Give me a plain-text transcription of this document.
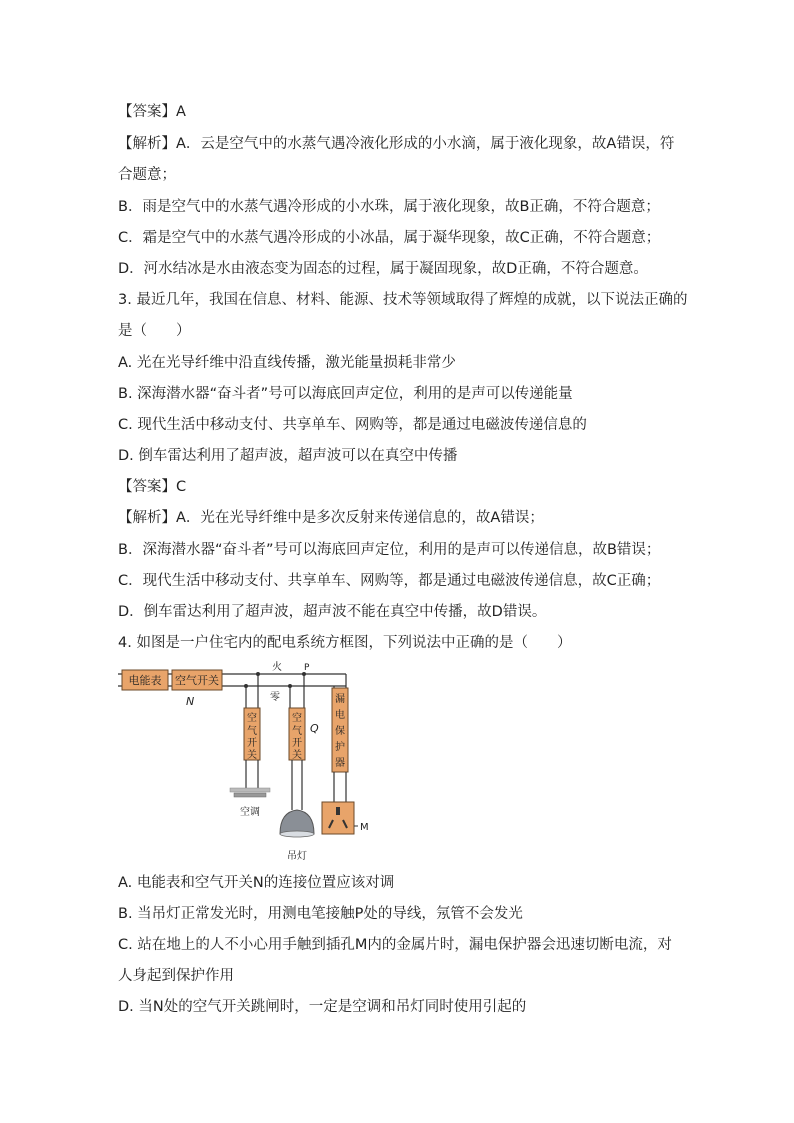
【答案】A
【解析】A．云是空气中的水蒸气遇冷液化形成的小水滴，属于液化现象，故A错误，符
合题意；
B．雨是空气中的水蒸气遇冷形成的小水珠，属于液化现象，故B正确，不符合题意；
C．霜是空气中的水蒸气遇冷形成的小冰晶，属于凝华现象，故C正确，不符合题意；
D．河水结冰是水由液态变为固态的过程，属于凝固现象，故D正确，不符合题意。
3. 最近几年，我国在信息、材料、能源、技术等领域取得了辉煌的成就，以下说法正确的
是（　　）
A. 光在光导纤维中沿直线传播，激光能量损耗非常少
B. 深海潜水器“奋斗者”号可以海底回声定位，利用的是声可以传递能量
C. 现代生活中移动支付、共享单车、网购等，都是通过电磁波传递信息的
D. 倒车雷达利用了超声波，超声波可以在真空中传播
【答案】C
【解析】A．光在光导纤维中是多次反射来传递信息的，故A错误；
B．深海潜水器“奋斗者”号可以海底回声定位，利用的是声可以传递信息，故B错误；
C．现代生活中移动支付、共享单车、网购等，都是通过电磁波传递信息，故C正确；
D．倒车雷达利用了超声波，超声波不能在真空中传播，故D错误。
4. 如图是一户住宅内的配电系统方框图，下列说法中正确的是（　　）
电能表 空气开关
N
火
零
P
空
气
开
关
空调
空
气
开
关
Q
吊灯
漏
电
保
护
器
M
A. 电能表和空气开关N的连接位置应该对调
B. 当吊灯正常发光时，用测电笔接触P处的导线，氖管不会发光
C. 站在地上的人不小心用手触到插孔M内的金属片时，漏电保护器会迅速切断电流，对
人身起到保护作用
D. 当N处的空气开关跳闸时，一定是空调和吊灯同时使用引起的
